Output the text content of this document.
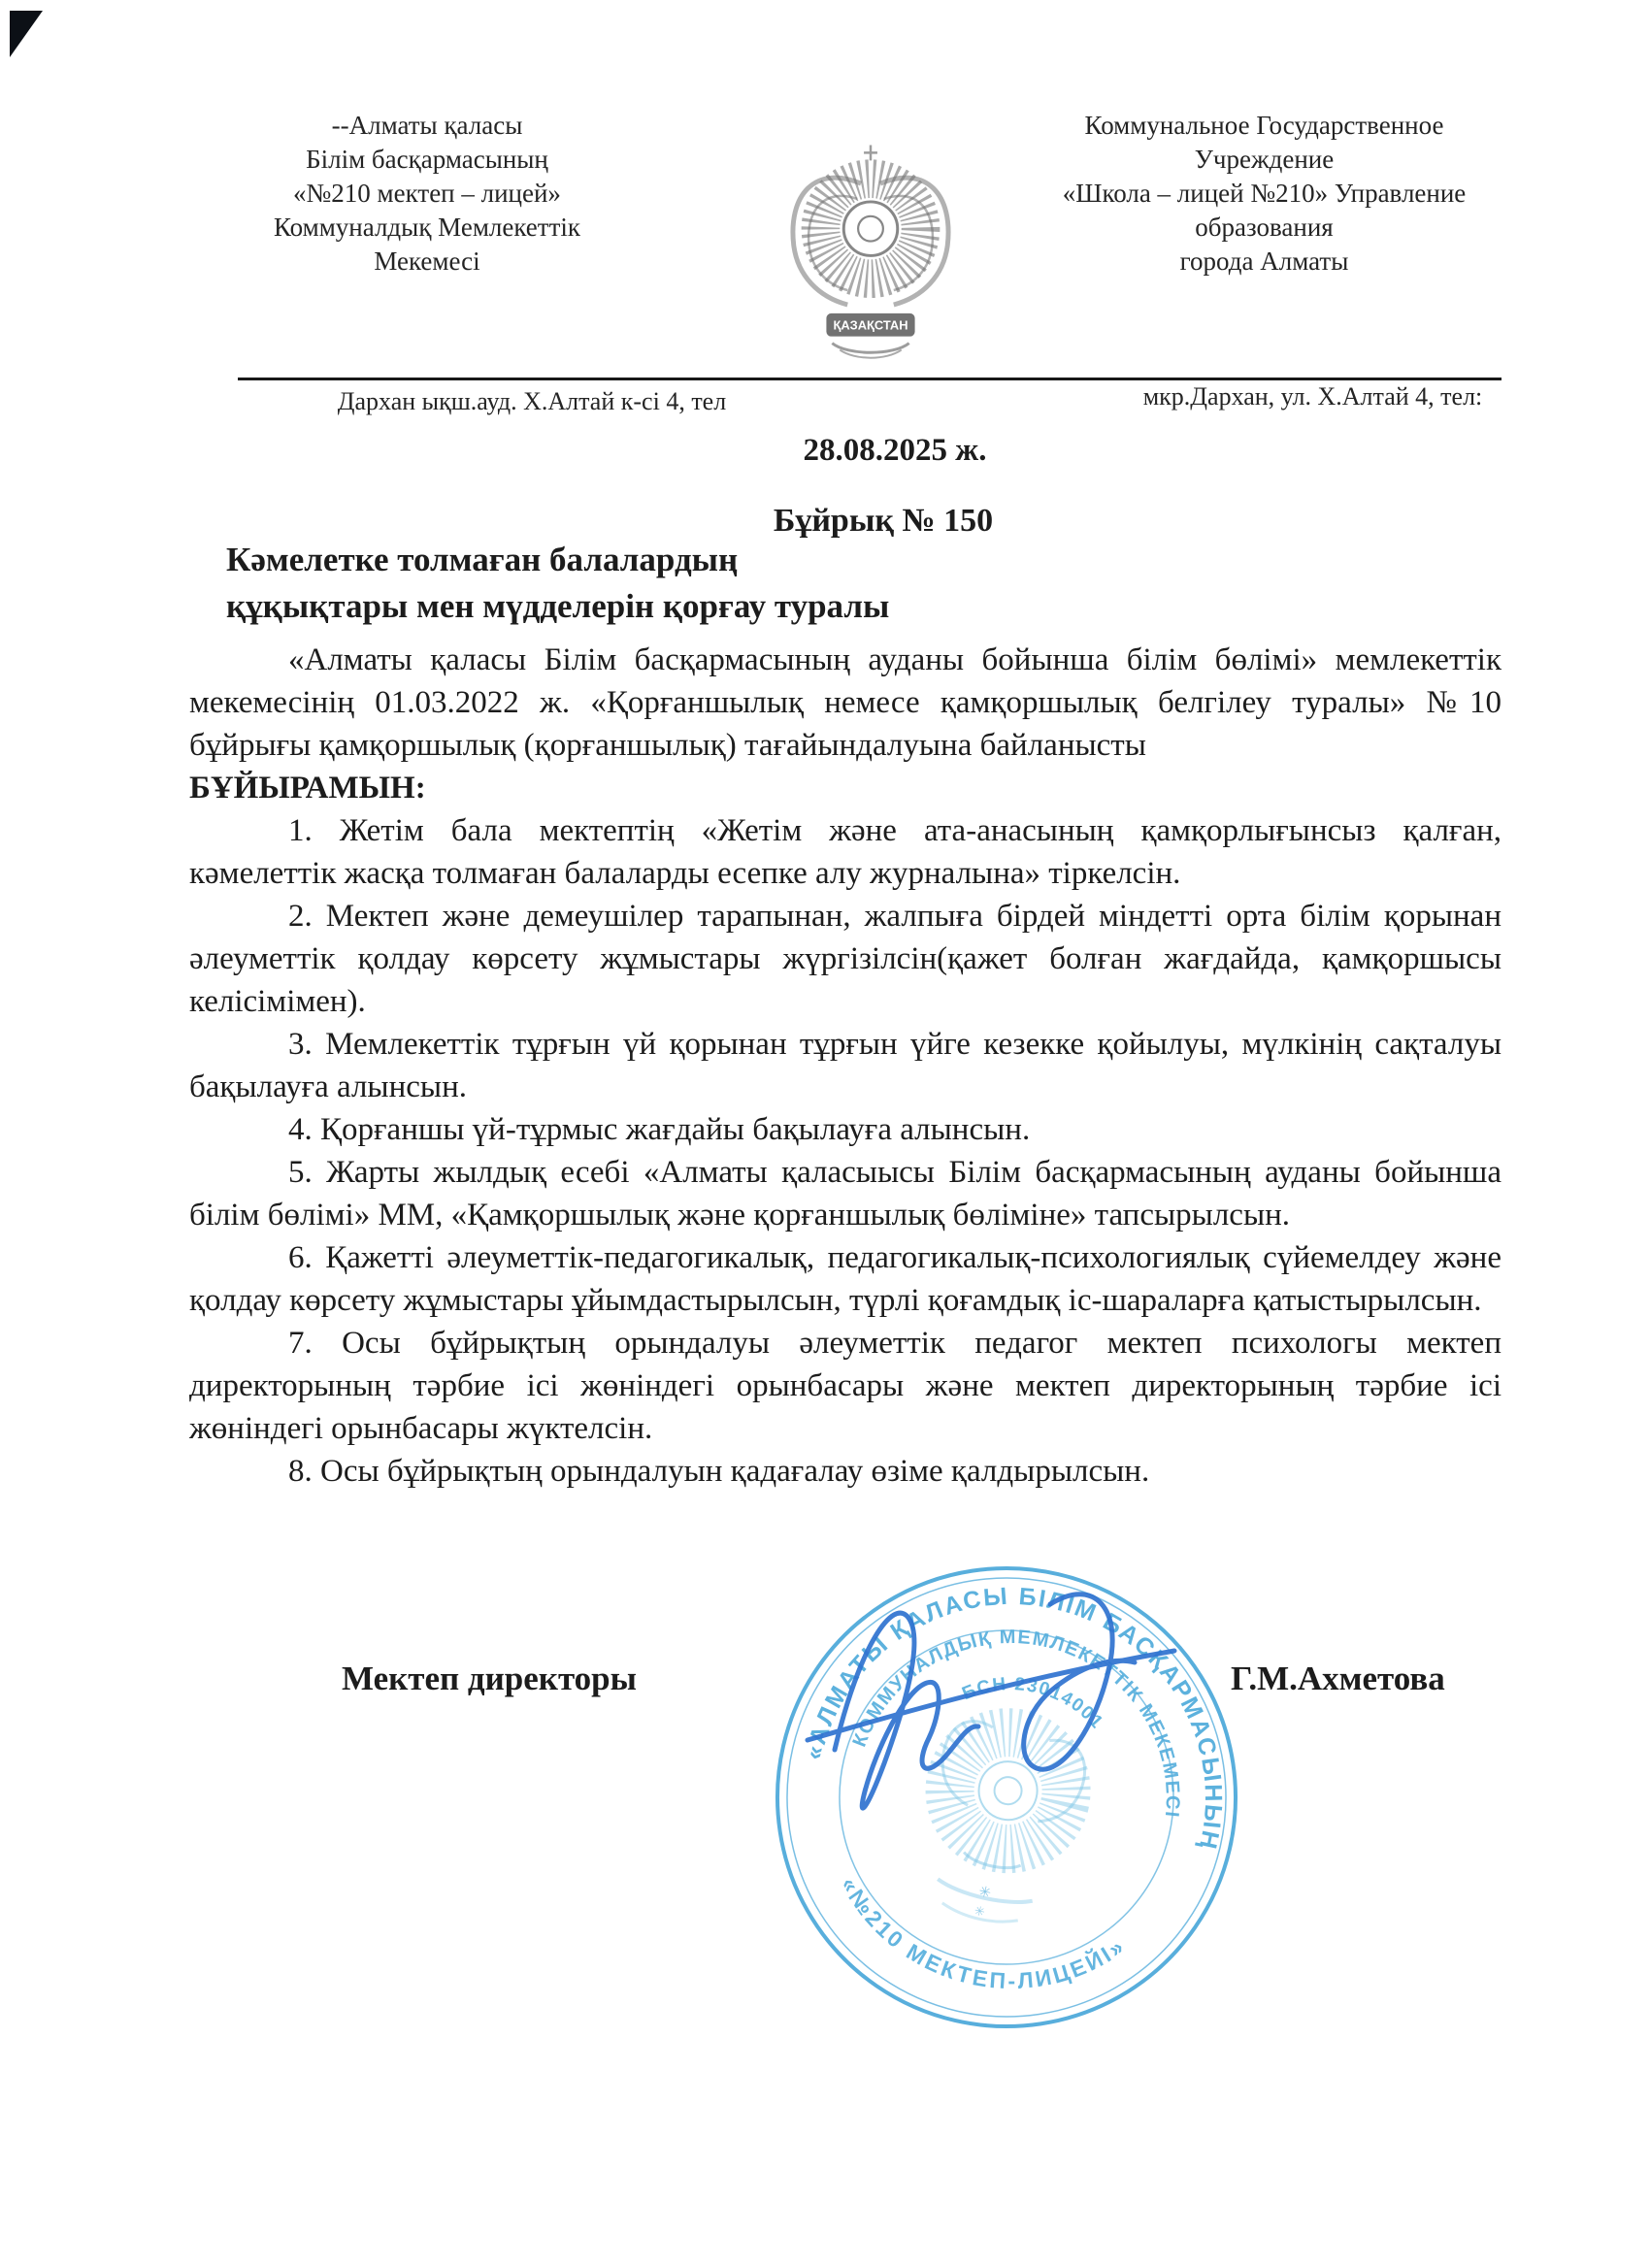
--Алматы қаласы
Білім басқармасының
«№210 мектеп – лицей»
Коммуналдық Мемлекеттік
Мекемесі
ҚАЗАҚСТАН
Коммунальное Государственное
Учреждение
«Школа – лицей №210» Управление
образования
города Алматы
Дархан ықш.ауд. Х.Алтай к-сі 4, тел	мкр.Дархан, ул. Х.Алтай 4, тел:
28.08.2025 ж.
Бұйрық № 150
Кәмелетке толмаған балалардың
құқықтары мен мүдделерін қорғау туралы

«Алматы қаласы Білім басқармасының ауданы бойынша білім бөлімі» мемлекеттік мекемесінің 01.03.2022 ж. «Қорғаншылық немесе қамқоршылық белгілеу туралы» №10 бұйрығы қамқоршылық (қорғаншылық) тағайындалуына байланысты

БҰЙЫРАМЫН:

1. Жетім бала мектептің «Жетім және ата-анасының қамқорлығынсыз қалған, кәмелеттік жасқа толмаған балаларды есепке алу журналына» тіркелсін.

2. Мектеп және демеушілер тарапынан, жалпыға бірдей міндетті орта білім қорынан әлеуметтік қолдау көрсету жұмыстары жүргізілсін(қажет болған жағдайда, қамқоршысы келісімімен).

3. Мемлекеттік тұрғын үй қорынан тұрғын үйге кезекке қойылуы, мүлкінің сақталуы бақылауға алынсын.

4. Қорғаншы үй-тұрмыс жағдайы бақылауға алынсын.

5. Жарты жылдық есебі «Алматы қаласыысы Білім басқармасының ауданы бойынша білім бөлімі» ММ, «Қамқоршылық және қорғаншылық бөліміне» тапсырылсын.

6. Қажетті әлеуметтік-педагогикалық, педагогикалық-психологиялық сүйемелдеу және қолдау көрсету жұмыстары ұйымдастырылсын, түрлі қоғамдық іс-шараларға қатыстырылсын.

7. Осы бұйрықтың орындалуы әлеуметтік педагог мектеп психологы мектеп директорының тәрбие ісі жөніндегі орынбасары және мектеп директорының тәрбие ісі жөніндегі орынбасары жүктелсін.

8. Осы бұйрықтың орындалуын қадағалау өзіме қалдырылсын.

Мектеп директоры	Г.М.Ахметова
«АЛМАТЫ ҚАЛАСЫ БІЛІМ БАСҚАРМАСЫНЫҢ
«№210 МЕКТЕП-ЛИЦЕЙІ»
КОММУНАЛДЫҚ МЕМЛЕКЕТТІК МЕКЕМЕСІ
БСН 23014001
✳
✳
